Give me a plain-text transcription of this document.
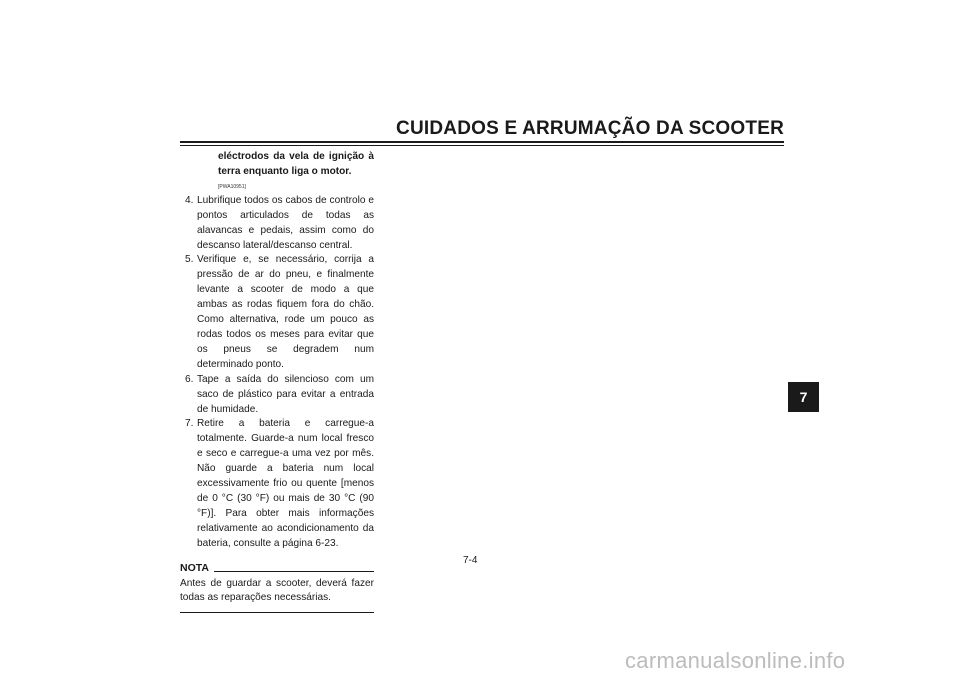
CUIDADOS E ARRUMAÇÃO DA SCOOTER
eléctrodos da vela de ignição à terra enquanto liga o motor.
[PWA10951]
4. Lubrifique todos os cabos de controlo e pontos articulados de todas as alavancas e pedais, assim como do descanso lateral/descanso central.
5. Verifique e, se necessário, corrija a pressão de ar do pneu, e finalmente levante a scooter de modo a que ambas as rodas fiquem fora do chão. Como alternativa, rode um pouco as rodas todos os meses para evitar que os pneus se degradem num determinado ponto.
6. Tape a saída do silencioso com um saco de plástico para evitar a entrada de humidade.
7. Retire a bateria e carregue-a totalmente. Guarde-a num local fresco e seco e carregue-a uma vez por mês. Não guarde a bateria num local excessivamente frio ou quente [menos de 0 °C (30 °F) ou mais de 30 °C (90 °F)]. Para obter mais informações relativamente ao acondicionamento da bateria, consulte a página 6-23.
NOTA
Antes de guardar a scooter, deverá fazer todas as reparações necessárias.
7-4
7
carmanualsonline.info
